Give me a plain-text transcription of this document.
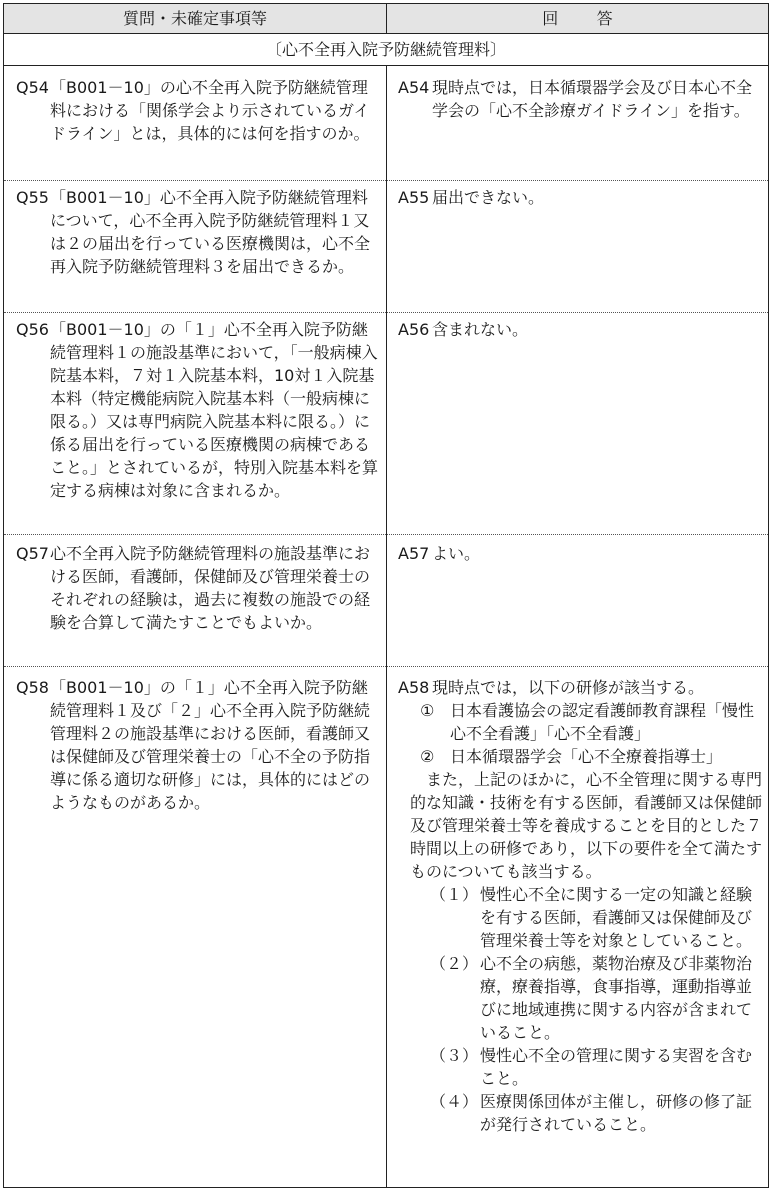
質問・未確定事項等	回答
〔心不全再入院予防継続管理料〕
Q54 「B001－10」の心不全再入院予防継続管理料における「関係学会より示されているガイドライン」とは，具体的には何を指すのか。
A54 現時点では，日本循環器学会及び日本心不全学会の「心不全診療ガイドライン」を指す。
Q55 「B001－10」心不全再入院予防継続管理料について，心不全再入院予防継続管理料１又は２の届出を行っている医療機関は，心不全再入院予防継続管理料３を届出できるか。
A55 届出できない。
Q56 「B001－10」の「１」心不全再入院予防継続管理料１の施設基準において，「一般病棟入院基本料，７対１入院基本料，10対１入院基本料（特定機能病院入院基本料（一般病棟に限る。）又は専門病院入院基本料に限る。）に係る届出を行っている医療機関の病棟であること。」とされているが，特別入院基本料を算定する病棟は対象に含まれるか。
A56 含まれない。
Q57 心不全再入院予防継続管理料の施設基準における医師，看護師，保健師及び管理栄養士のそれぞれの経験は，過去に複数の施設での経験を合算して満たすことでもよいか。
A57 よい。
Q58 「B001－10」の「１」心不全再入院予防継続管理料１及び「２」心不全再入院予防継続管理料２の施設基準における医師，看護師又は保健師及び管理栄養士の「心不全の予防指導に係る適切な研修」には，具体的にはどのようなものがあるか。
A58 現時点では，以下の研修が該当する。
① 日本看護協会の認定看護師教育課程「慢性心不全看護」「心不全看護」
② 日本循環器学会「心不全療養指導士」
また，上記のほかに，心不全管理に関する専門的な知識・技術を有する医師，看護師又は保健師及び管理栄養士等を養成することを目的とした７時間以上の研修であり，以下の要件を全て満たすものについても該当する。
（１） 慢性心不全に関する一定の知識と経験を有する医師，看護師又は保健師及び管理栄養士等を対象としていること。
（２） 心不全の病態，薬物治療及び非薬物治療，療養指導，食事指導，運動指導並びに地域連携に関する内容が含まれていること。
（３） 慢性心不全の管理に関する実習を含むこと。
（４） 医療関係団体が主催し，研修の修了証が発行されていること。
